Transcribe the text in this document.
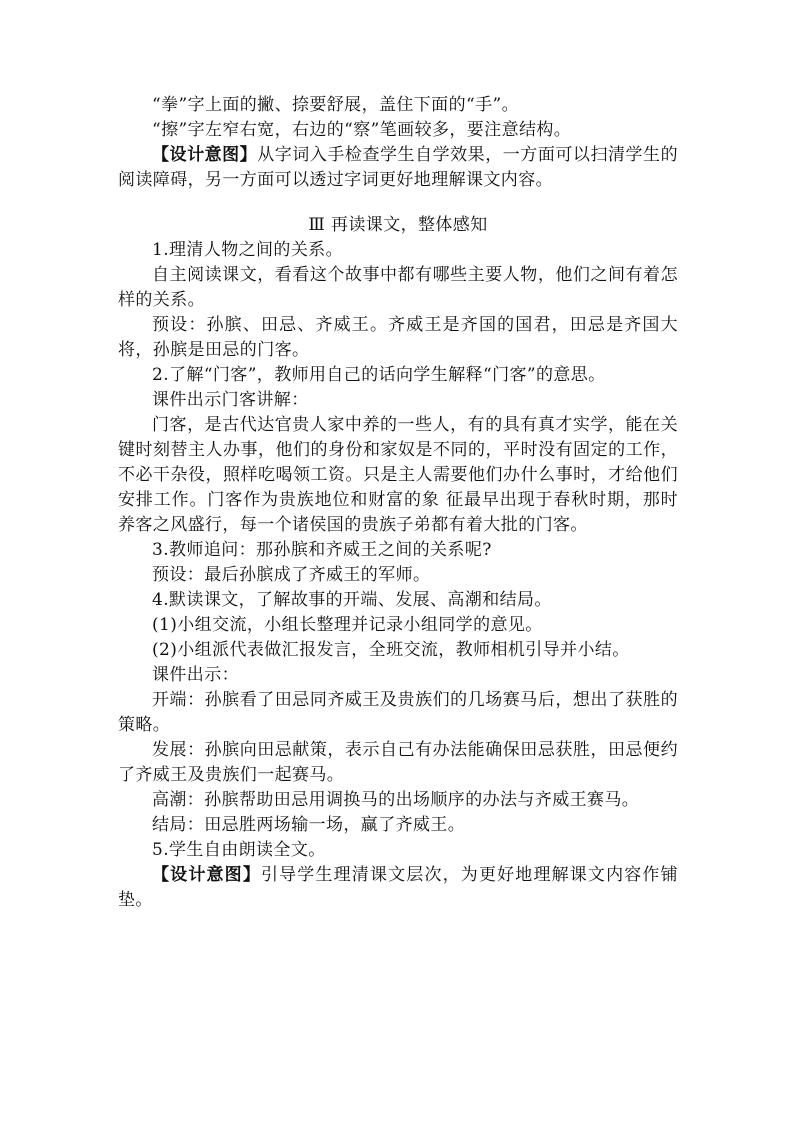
“拳”字上面的撇、捺要舒展，盖住下面的“手”。

“擦”字左窄右宽，右边的“察”笔画较多，要注意结构。

【设计意图】从字词入手检查学生自学效果，一方面可以扫清学生的阅读障碍，另一方面可以透过字词更好地理解课文内容。

Ⅲ 再读课文，整体感知

1.理清人物之间的关系。

自主阅读课文，看看这个故事中都有哪些主要人物，他们之间有着怎样的关系。

预设：孙膑、田忌、齐威王。齐威王是齐国的国君，田忌是齐国大将，孙膑是田忌的门客。

2.了解“门客”，教师用自己的话向学生解释“门客”的意思。

课件出示门客讲解：

门客，是古代达官贵人家中养的一些人，有的具有真才实学，能在关键时刻替主人办事，他们的身份和家奴是不同的，平时没有固定的工作，不必干杂役，照样吃喝领工资。只是主人需要他们办什么事时，才给他们安排工作。门客作为贵族地位和财富的象 征最早出现于春秋时期，那时养客之风盛行，每一个诸侯国的贵族子弟都有着大批的门客。

3.教师追问：那孙膑和齐威王之间的关系呢?

预设：最后孙膑成了齐威王的军师。

4.默读课文，了解故事的开端、发展、高潮和结局。

(1)小组交流，小组长整理并记录小组同学的意见。

(2)小组派代表做汇报发言，全班交流，教师相机引导并小结。

课件出示：

开端：孙膑看了田忌同齐威王及贵族们的几场赛马后，想出了获胜的策略。

发展：孙膑向田忌献策，表示自己有办法能确保田忌获胜，田忌便约了齐威王及贵族们一起赛马。

高潮：孙膑帮助田忌用调换马的出场顺序的办法与齐威王赛马。

结局：田忌胜两场输一场，赢了齐威王。

5.学生自由朗读全文。

【设计意图】引导学生理清课文层次，为更好地理解课文内容作铺垫。
